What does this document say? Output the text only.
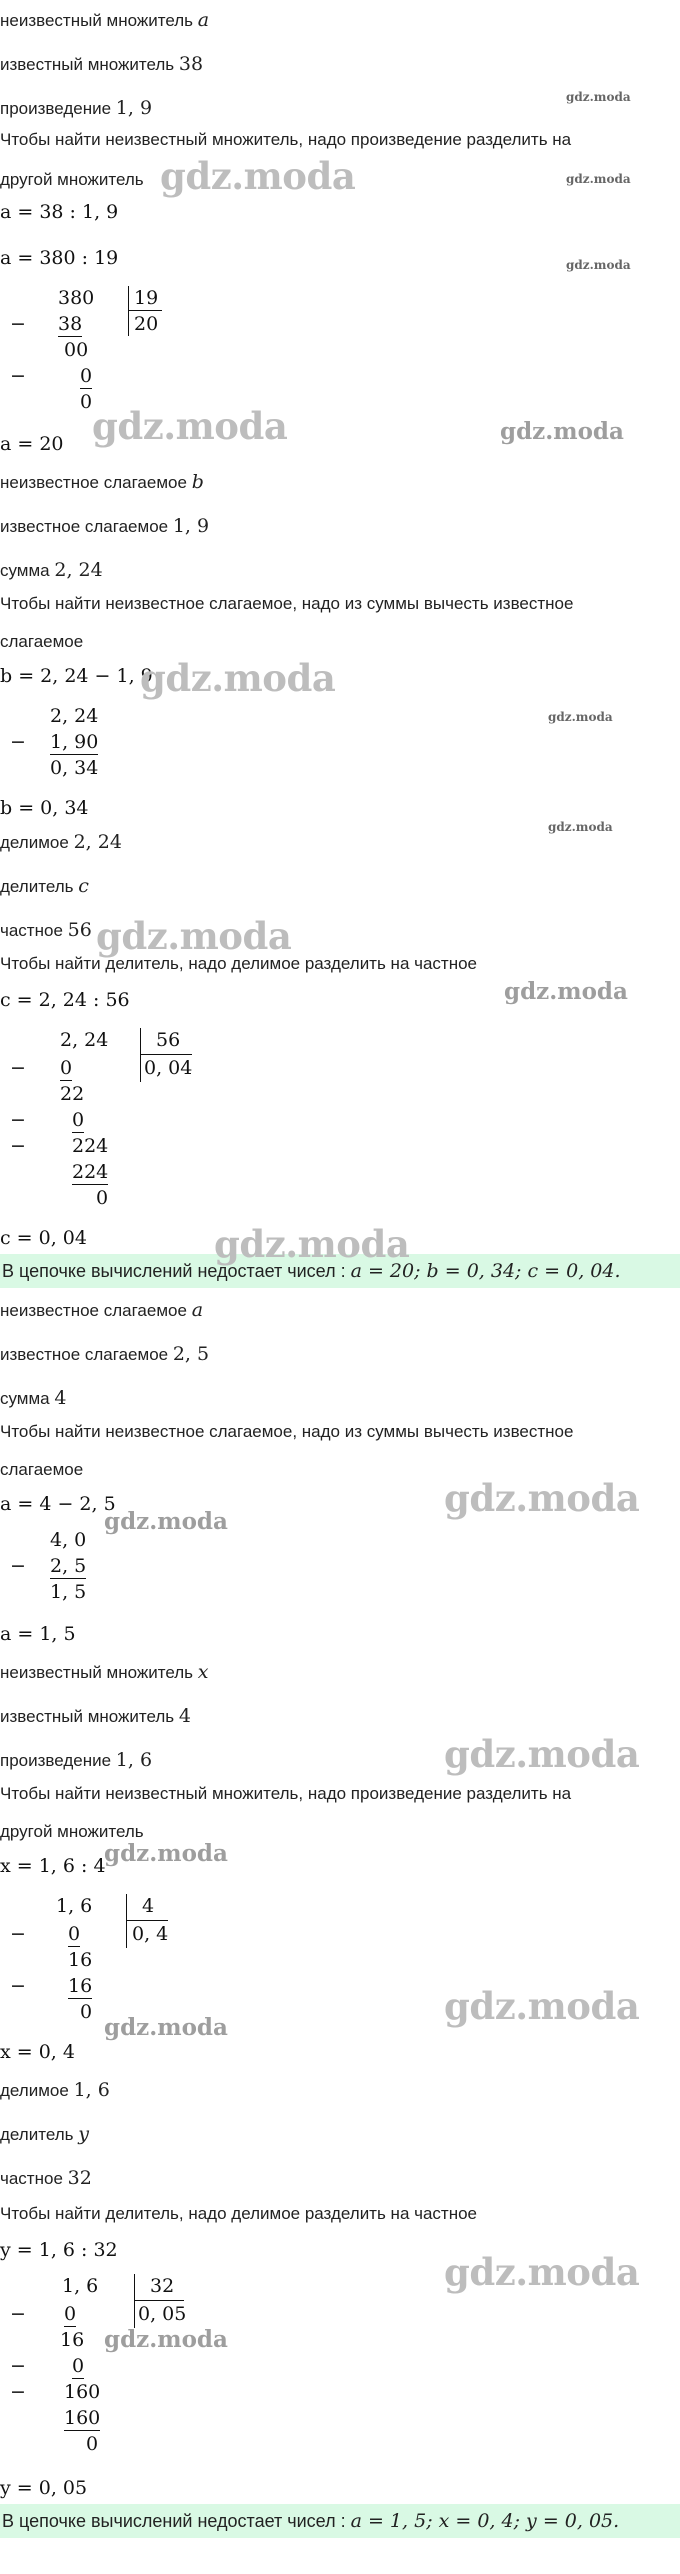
неизвестный множитель a
известный множитель 38
произведение 1, 9
Чтобы найти неизвестный множитель, надо произведение разделить на
другой множитель
a = 38 : 1, 9
a = 380 : 19
380 19
20
− 38
00
−	0
0
a = 20
неизвестное слагаемое b
известное слагаемое 1, 9
сумма 2, 24
Чтобы найти неизвестное слагаемое, надо из суммы вычесть известное
слагаемое
b = 2, 24 − 1, 9
2, 24
− 1, 90
0, 34
b = 0, 34
делимое 2, 24
делитель c
частное 56
Чтобы найти делитель, надо делимое разделить на частное
c = 2, 24 : 56
2, 24	56
0, 04
− 0
22
− 0
− 224
224
0
c = 0, 04
В цепочке вычислений недостает чисел : a = 20; b = 0, 34; c = 0, 04.
неизвестное слагаемое a
известное слагаемое 2, 5
сумма 4
Чтобы найти неизвестное слагаемое, надо из суммы вычесть известное
слагаемое
a = 4 − 2, 5
4, 0
− 2, 5
1, 5
a = 1, 5
неизвестный множитель x
известный множитель 4
произведение 1, 6
Чтобы найти неизвестный множитель, надо произведение разделить на
другой множитель
x = 1, 6 : 4
1, 6	4
0, 4
− 0
16
− 16
0
x = 0, 4
делимое 1, 6
делитель y
частное 32
Чтобы найти делитель, надо делимое разделить на частное
y = 1, 6 : 32
1, 6	32
0, 05
− 0
16
− 0
− 160
160
0
y = 0, 05
В цепочке вычислений недостает чисел : a = 1, 5; x = 0, 4; y = 0, 05.
gdz.moda
gdz.moda
gdz.moda
gdz.moda
gdz.moda	gdz.moda
gdz.moda
gdz.moda
gdz.moda
gdz.moda
gdz.moda
gdz.moda
gdz.moda
gdz.moda
gdz.moda
gdz.moda
gdz.moda
gdz.moda
gdz.moda
gdz.moda
